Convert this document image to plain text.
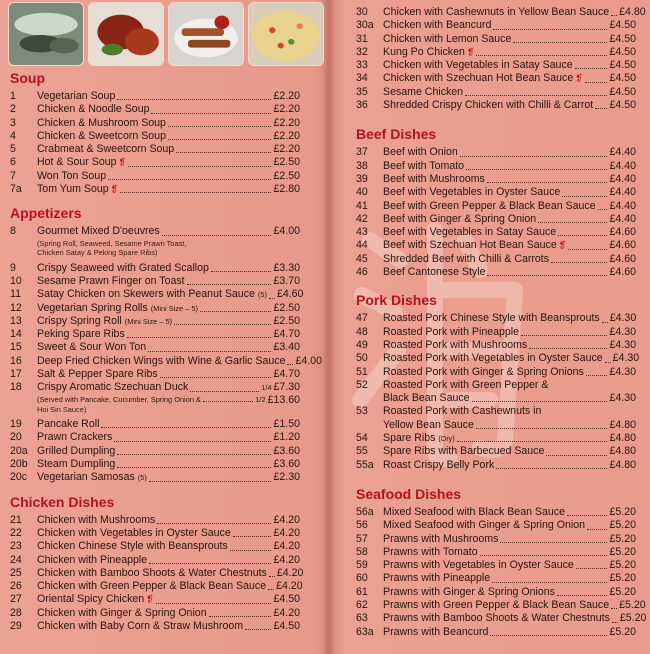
Soup
1	Vegetarian Soup	£2.20
2	Chicken & Noodle Soup	£2.20
3	Chicken & Mushroom Soup	£2.20
4	Chicken & Sweetcorn Soup	£2.20
5	Crabmeat & Sweetcorn Soup	£2.20
6	Hot & Sour Soup ❡	£2.50
7	Won Ton Soup	£2.50
7a	Tom Yum Soup ❡	£2.80
Appetizers
8	Gourmet Mixed D'oeuvres	£4.00
(Spring Roll, Seaweed, Sesame Prawn Toast,
Chicken Satay & Peking Spare Ribs)
9	Crispy Seaweed with Grated Scallop	£3.30
10	Sesame Prawn Finger on Toast	£3.70
11	Satay Chicken on Skewers with Peanut Sauce (5) £4.60
12	Vegetarian Spring Rolls (Mini Size – 5)	£2.50
13	Crispy Spring Roll (Mini Size – 5)	£2.50
14	Peking Spare Ribs	£4.70
15	Sweet & Sour Won Ton	£3.40
16	Deep Fried Chicken Wings with Wine & Garlic Sauce £4.00
17	Salt & Pepper Spare Ribs	£4.70
18	Crispy Aromatic Szechuan Duck	1/4 £7.30
(Served with Pancake, Cucumber, Spring Onion &	1/2 £13.60
Hoi Sin Sauce)
19	Pancake Roll	£1.50
20	Prawn Crackers	£1.20
20a Grilled Dumpling	£3.60
20b Steam Dumpling	£3.60
20c Vegetarian Samosas (5)	£2.30
Chicken Dishes
21	Chicken with Mushrooms	£4.20
22	Chicken with Vegetables in Oyster Sauce	£4.20
23	Chicken Chinese Style with Beansprouts	£4.20
24	Chicken with Pineapple	£4.20
25	Chicken with Bamboo Shoots & Water Chestnuts £4.20
26	Chicken with Green Pepper & Black Bean Sauce £4.20
27	Oriental Spicy Chicken ❡	£4.50
28	Chicken with Ginger & Spring Onion	£4.20
29	Chicken with Baby Corn & Straw Mushroom	£4.50
30	Chicken with Cashewnuts in Yellow Bean Sauce £4.80
30a Chicken with Beancurd	£4.50
31	Chicken with Lemon Sauce	£4.50
32	Kung Po Chicken ❡	£4.50
33	Chicken with Vegetables in Satay Sauce	£4.50
34	Chicken with Szechuan Hot Bean Sauce ❡	£4.50
35	Sesame Chicken	£4.50
36	Shredded Crispy Chicken with Chilli & Carrot £4.50
Beef Dishes
37	Beef with Onion	£4.40
38	Beef with Tomato	£4.40
39	Beef with Mushrooms	£4.40
40	Beef with Vegetables in Oyster Sauce	£4.40
41	Beef with Green Pepper & Black Bean Sauce £4.40
42	Beef with Ginger & Spring Onion	£4.40
43	Beef with Vegetables in Satay Sauce	£4.60
44	Beef with Szechuan Hot Bean Sauce ❡	£4.60
45	Shredded Beef with Chilli & Carrots	£4.60
46	Beef Cantonese Style	£4.60
Pork Dishes
47	Roasted Pork Chinese Style with Beansprouts £4.30
48	Roasted Pork with Pineapple	£4.30
49	Roasted Pork with Mushrooms	£4.30
50	Roasted Pork with Vegetables in Oyster Sauce £4.30
51	Roasted Pork with Ginger & Spring Onions £4.30
52	Roasted Pork with Green Pepper &
Black Bean Sauce	£4.30
53	Roasted Pork with Cashewnuts in
Yellow Bean Sauce	£4.80
54	Spare Ribs (Dry)	£4.80
55	Spare Ribs with Barbecued Sauce	£4.80
55a Roast Crispy Belly Pork	£4.80
Seafood Dishes
56a Mixed Seafood with Black Bean Sauce	£5.20
56	Mixed Seafood with Ginger & Spring Onion £5.20
57	Prawns with Mushrooms	£5.20
58	Prawns with Tomato	£5.20
59	Prawns with Vegetables in Oyster Sauce	£5.20
60	Prawns with Pineapple	£5.20
61	Prawns with Ginger & Spring Onions	£5.20
62	Prawns with Green Pepper & Black Bean Sauce £5.20
63	Prawns with Bamboo Shoots & Water Chestnuts £5.20
63a Prawns with Beancurd	£5.20
